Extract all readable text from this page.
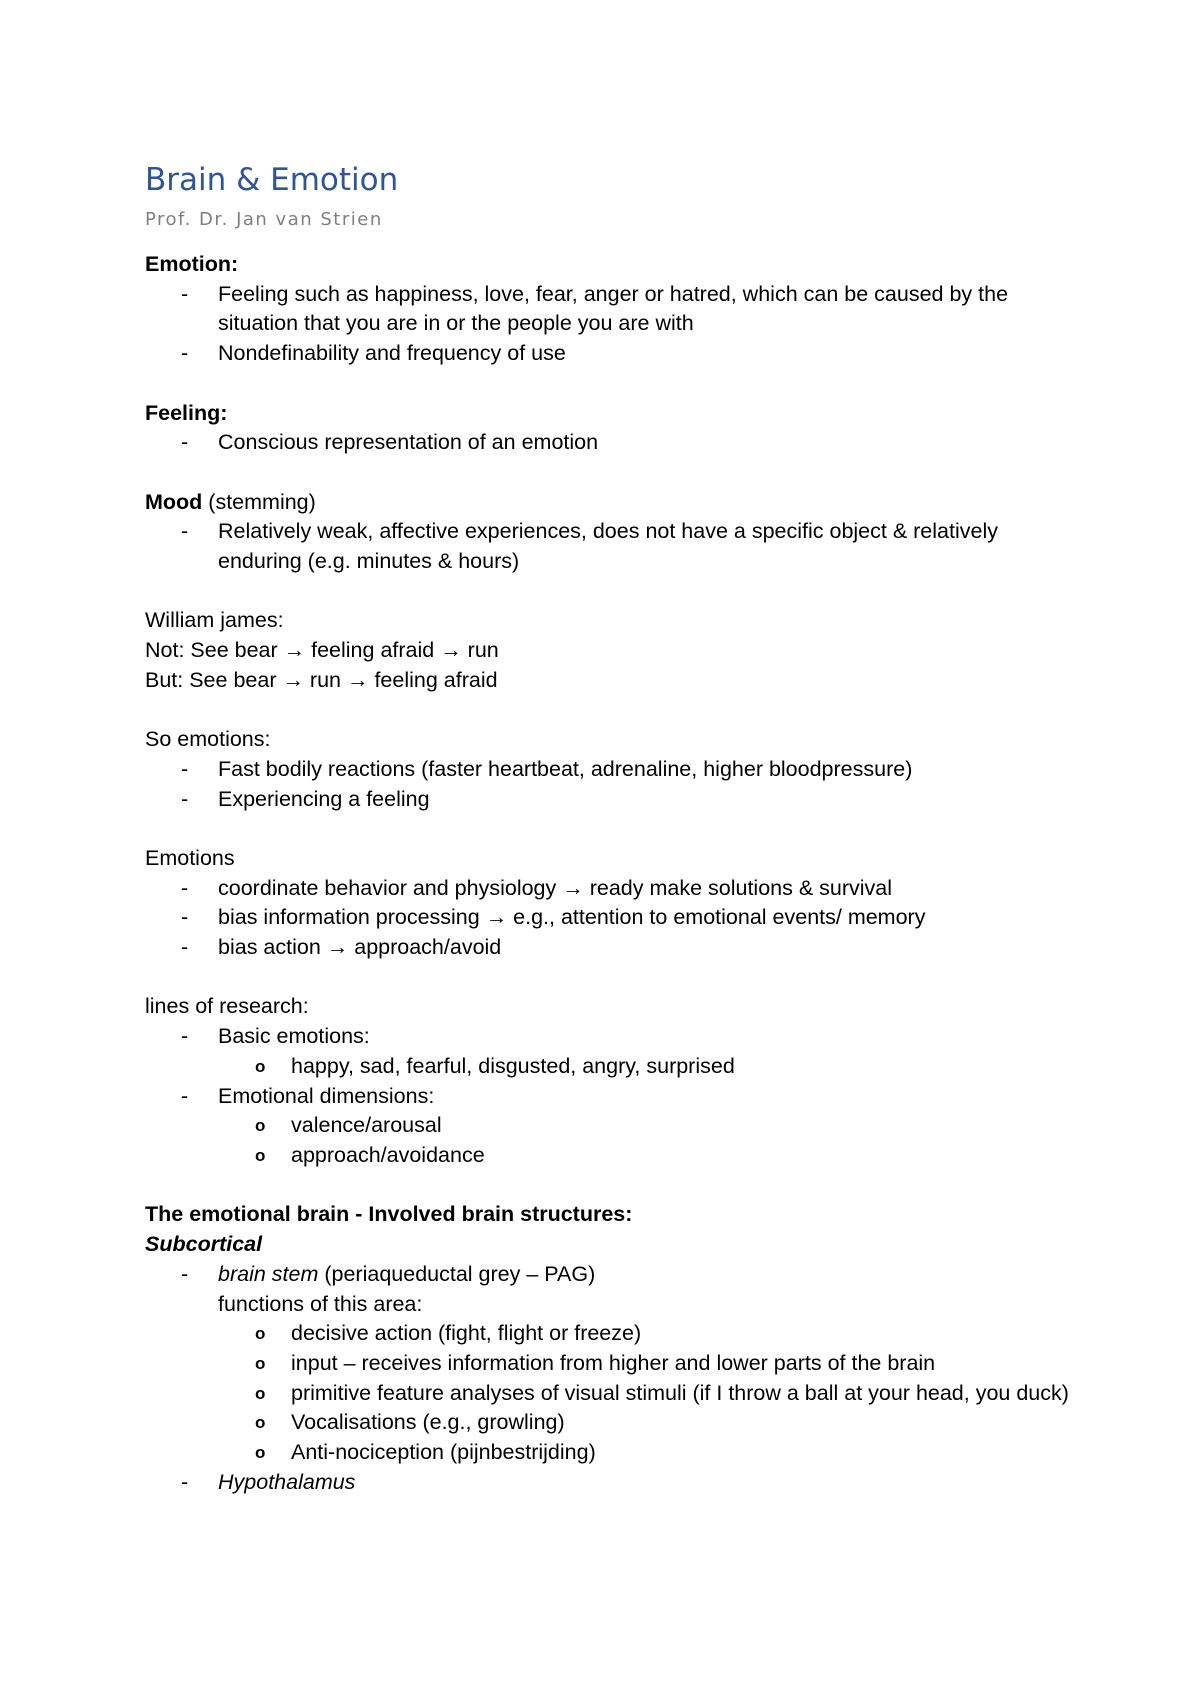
Brain & Emotion
Prof. Dr. Jan van Strien
Emotion:
- Feeling such as happiness, love, fear, anger or hatred, which can be caused by the situation that you are in or the people you are with
- Nondefinability and frequency of use
Feeling:
- Conscious representation of an emotion
Mood (stemming)
- Relatively weak, affective experiences, does not have a specific object & relatively enduring (e.g. minutes & hours)
William james:
Not: See bear → feeling afraid → run
But: See bear → run → feeling afraid
So emotions:
- Fast bodily reactions (faster heartbeat, adrenaline, higher bloodpressure)
- Experiencing a feeling
Emotions
- coordinate behavior and physiology → ready make solutions & survival
- bias information processing → e.g., attention to emotional events/ memory
- bias action → approach/avoid
lines of research:
- Basic emotions:
o happy, sad, fearful, disgusted, angry, surprised
- Emotional dimensions:
o valence/arousal
o approach/avoidance
The emotional brain - Involved brain structures:
Subcortical
- brain stem (periaqueductal grey – PAG)
functions of this area:
o decisive action (fight, flight or freeze)
o input – receives information from higher and lower parts of the brain
o primitive feature analyses of visual stimuli (if I throw a ball at your head, you duck)
o Vocalisations (e.g., growling)
o Anti-nociception (pijnbestrijding)
- Hypothalamus
